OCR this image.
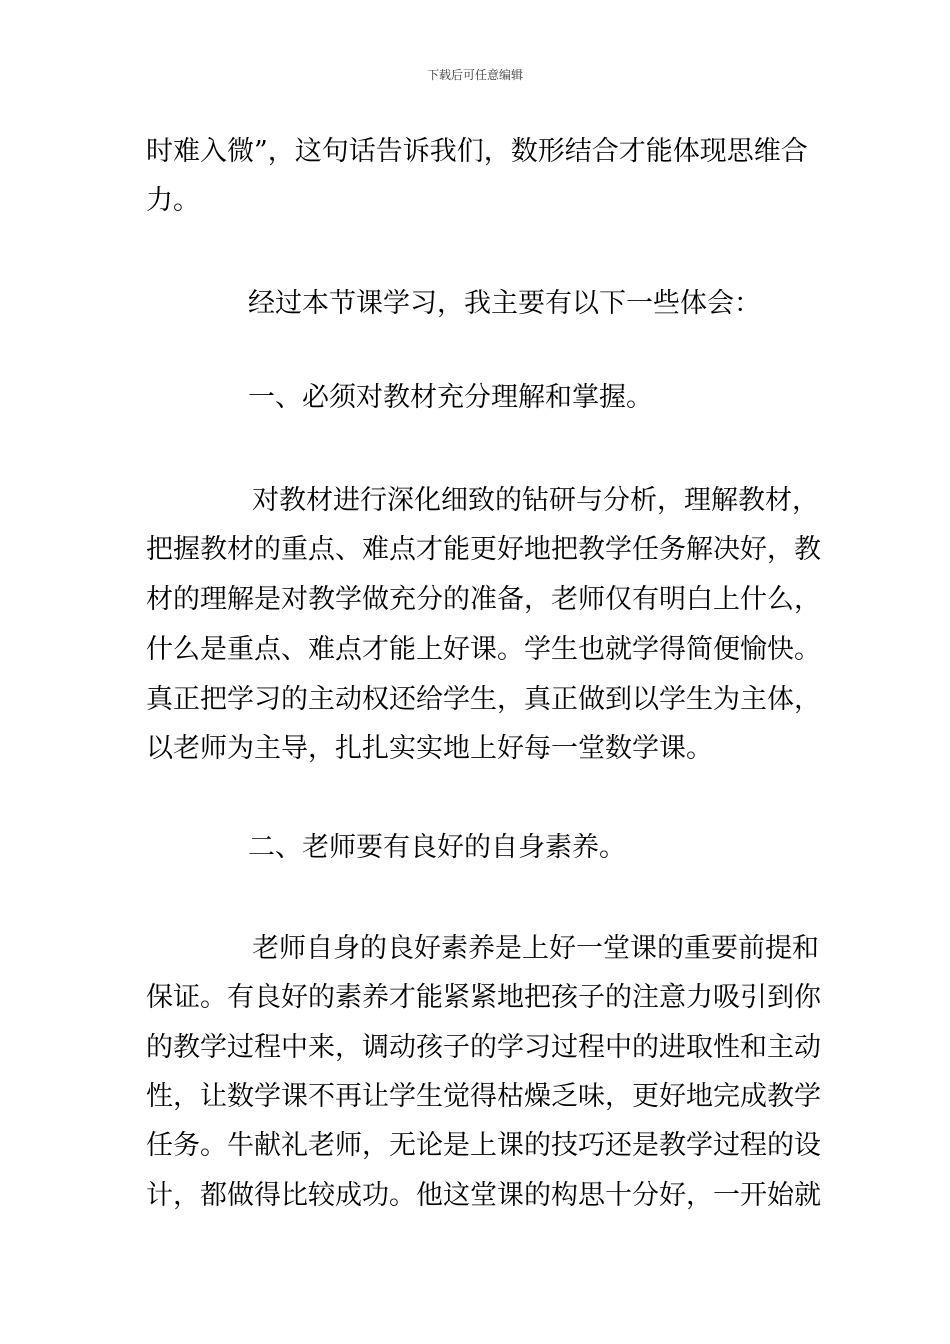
下载后可任意编辑
时难入微”，这句话告诉我们，数形结合才能体现思维合
力。
经过本节课学习，我主要有以下一些体会：
一、必须对教材充分理解和掌握。
对教材进行深化细致的钻研与分析，理解教材，
把握教材的重点、难点才能更好地把教学任务解决好，教
材的理解是对教学做充分的准备，老师仅有明白上什么，
什么是重点、难点才能上好课。学生也就学得简便愉快。
真正把学习的主动权还给学生，真正做到以学生为主体，
以老师为主导，扎扎实实地上好每一堂数学课。
二、老师要有良好的自身素养。
老师自身的良好素养是上好一堂课的重要前提和
保证。有良好的素养才能紧紧地把孩子的注意力吸引到你
的教学过程中来，调动孩子的学习过程中的进取性和主动
性，让数学课不再让学生觉得枯燥乏味，更好地完成教学
任务。牛献礼老师，无论是上课的技巧还是教学过程的设
计，都做得比较成功。他这堂课的构思十分好，一开始就
